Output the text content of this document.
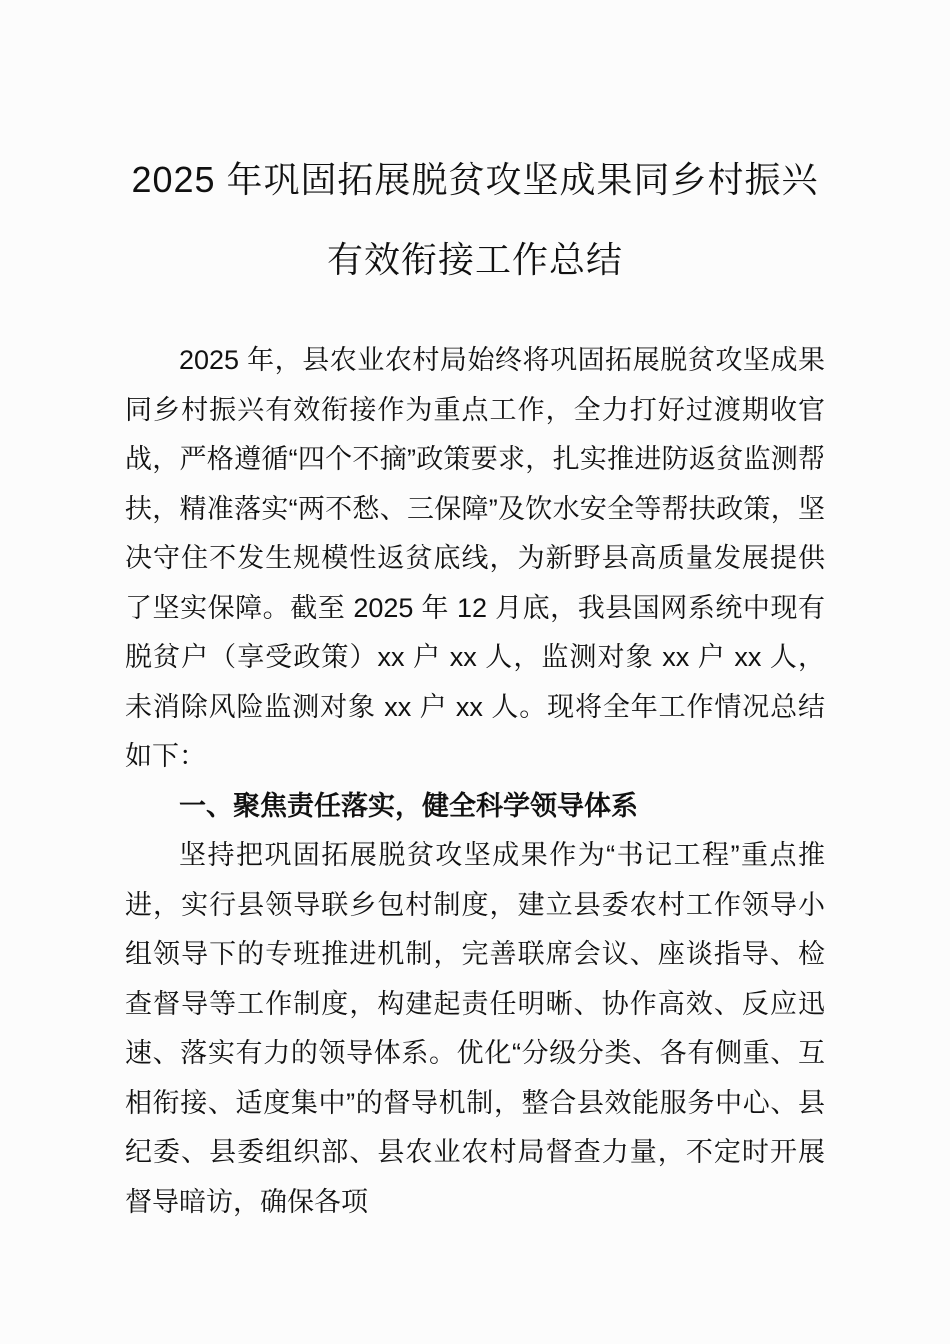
2025 年巩固拓展脱贫攻坚成果同乡村振兴有效衔接工作总结

2025 年，县农业农村局始终将巩固拓展脱贫攻坚成果同乡村振兴有效衔接作为重点工作，全力打好过渡期收官战，严格遵循“四个不摘”政策要求，扎实推进防返贫监测帮扶，精准落实“两不愁、三保障”及饮水安全等帮扶政策，坚决守住不发生规模性返贫底线，为新野县高质量发展提供了坚实保障。截至 2025 年 12 月底，我县国网系统中现有脱贫户（享受政策）xx 户 xx 人，监测对象 xx 户 xx 人，未消除风险监测对象 xx 户 xx 人。现将全年工作情况总结如下：

一、聚焦责任落实，健全科学领导体系

坚持把巩固拓展脱贫攻坚成果作为“书记工程”重点推进，实行县领导联乡包村制度，建立县委农村工作领导小组领导下的专班推进机制，完善联席会议、座谈指导、检查督导等工作制度，构建起责任明晰、协作高效、反应迅速、落实有力的领导体系。优化“分级分类、各有侧重、互相衔接、适度集中”的督导机制，整合县效能服务中心、县纪委、县委组织部、县农业农村局督查力量，不定时开展督导暗访，确保各项
